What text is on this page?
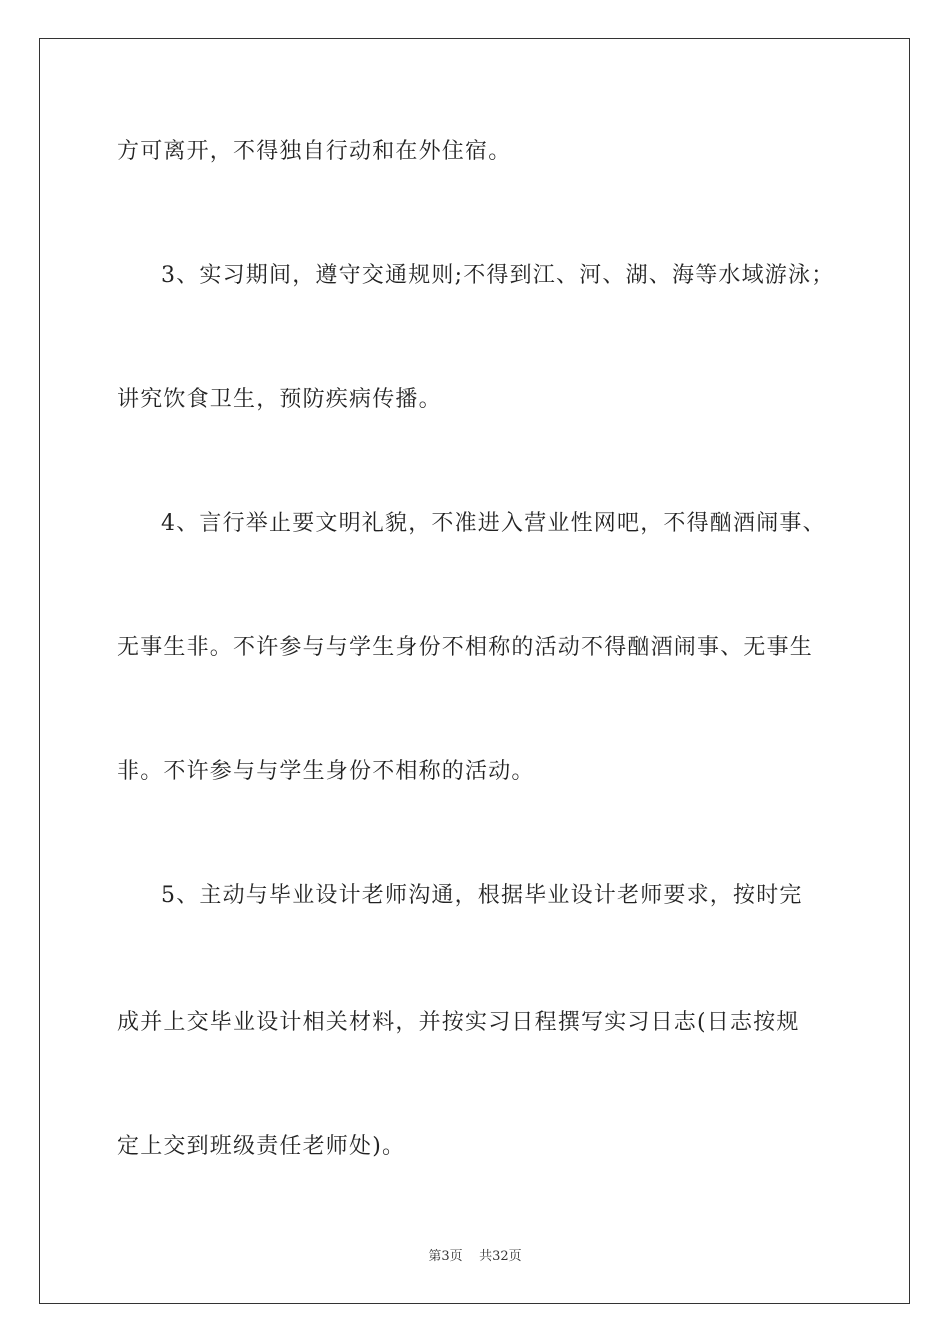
方可离开，不得独自行动和在外住宿。
3、实习期间，遵守交通规则;不得到江、河、湖、海等水域游泳；
讲究饮食卫生，预防疾病传播。
4、言行举止要文明礼貌，不准进入营业性网吧，不得酗酒闹事、
无事生非。不许参与与学生身份不相称的活动不得酗酒闹事、无事生
非。不许参与与学生身份不相称的活动。
5、主动与毕业设计老师沟通，根据毕业设计老师要求，按时完
成并上交毕业设计相关材料，并按实习日程撰写实习日志(日志按规
定上交到班级责任老师处)。
第3页 共32页
